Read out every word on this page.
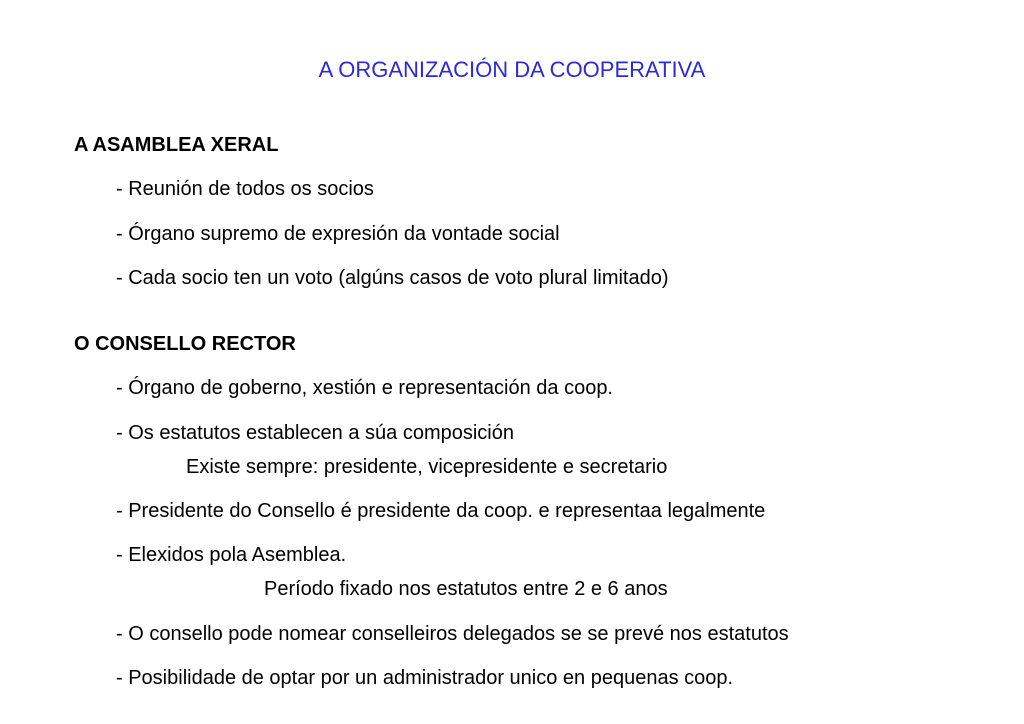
A ORGANIZACIÓN DA COOPERATIVA
A ASAMBLEA XERAL
- Reunión de todos os socios
- Órgano supremo de expresión da vontade social
- Cada socio ten un voto (algúns casos de voto plural limitado)
O CONSELLO RECTOR
- Órgano de goberno, xestión e representación da coop.
- Os estatutos establecen a súa composición
Existe sempre: presidente, vicepresidente e secretario
- Presidente do Consello é presidente da coop. e representaa legalmente
- Elexidos pola Asemblea.
Período fixado nos estatutos entre 2 e 6 anos
- O consello pode nomear conselleiros delegados se se prevé nos estatutos
- Posibilidade de optar por un administrador unico en pequenas coop.
